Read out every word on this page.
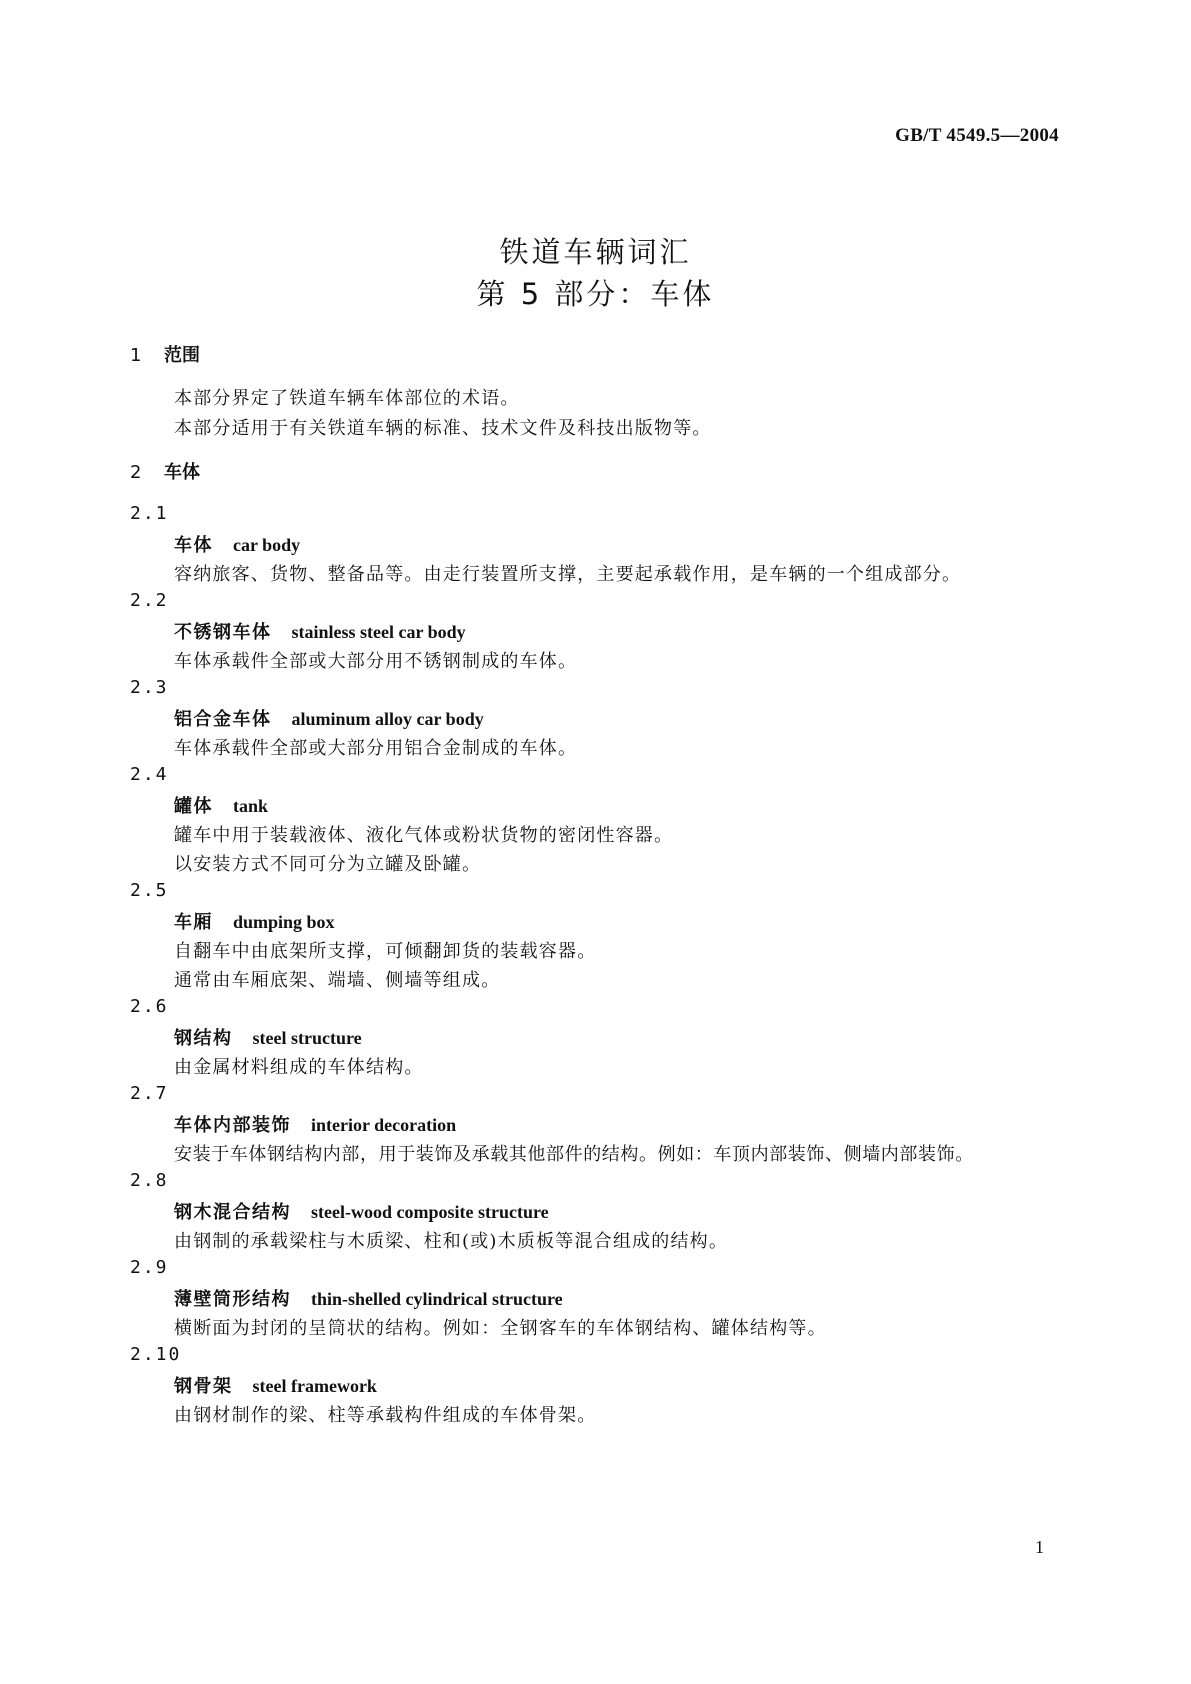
GB/T 4549.5—2004
铁道车辆词汇
第 5 部分：车体
1 范围
本部分界定了铁道车辆车体部位的术语。
本部分适用于有关铁道车辆的标准、技术文件及科技出版物等。
2 车体
2.1
车体 car body
容纳旅客、货物、整备品等。由走行装置所支撑，主要起承载作用，是车辆的一个组成部分。
2.2
不锈钢车体 stainless steel car body
车体承载件全部或大部分用不锈钢制成的车体。
2.3
铝合金车体 aluminum alloy car body
车体承载件全部或大部分用铝合金制成的车体。
2.4
罐体 tank
罐车中用于装载液体、液化气体或粉状货物的密闭性容器。
以安装方式不同可分为立罐及卧罐。
2.5
车厢 dumping box
自翻车中由底架所支撑，可倾翻卸货的装载容器。
通常由车厢底架、端墙、侧墙等组成。
2.6
钢结构 steel structure
由金属材料组成的车体结构。
2.7
车体内部装饰 interior decoration
安装于车体钢结构内部，用于装饰及承载其他部件的结构。例如：车顶内部装饰、侧墙内部装饰。
2.8
钢木混合结构 steel-wood composite structure
由钢制的承载梁柱与木质梁、柱和(或)木质板等混合组成的结构。
2.9
薄壁筒形结构 thin-shelled cylindrical structure
横断面为封闭的呈筒状的结构。例如：全钢客车的车体钢结构、罐体结构等。
2.10
钢骨架 steel framework
由钢材制作的梁、柱等承载构件组成的车体骨架。
1
